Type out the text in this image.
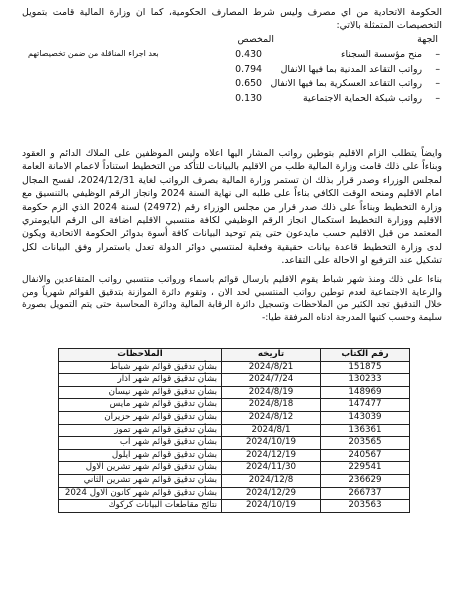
الحكومة الاتحادية من اي مصرف وليس شرط المصارف الحكومية، كما ان وزارة المالية قامت بتمويل التخصيصات المتمثلة بالاتي:
الجهة
المخصص
–
منح مؤسسة السجناء
0.430
بعد اجراء المناقلة من ضمن تخصيصاتهم
–
رواتب التقاعد المدنية بما فيها الانفال
0.794
–
رواتب التقاعد العسكرية بما فيها الانفال
0.650
–
رواتب شبكة الحماية الاجتماعية
0.130
وايضاً يتطلب الزام الاقليم بتوطين رواتب المشار اليها اعلاه وليس الموظفين على الملاك الدائم و العقود وبناءاً على ذلك قامت وزارة المالية طلب من الاقليم بالبيانات للتأكد من التخطيط استناداً لاعمام الامانة العامة لمجلس الوزراء وصدر قرار بذلك ان تستمر وزارة المالية بصرف الرواتب لغاية 2024/12/31، لفسح المجال امام الاقليم ومنحه الوقت الكافي بناءاً على طلبه الى نهاية السنة 2024 وانجاز الرقم الوظيفي بالتنسيق مع وزارة التخطيط وبناءاً على ذلك صدر قرار من مجلس الوزراء رقم (24972) لسنة 2024 الذي الزم حكومة الاقليم ووزارة التخطيط استكمال انجاز الرقم الوظيفي لكافة منتسبي الاقليم اضافة الى الرقم البايومتري المعتمد من قبل الاقليم حسب مايدعون حتى يتم توحيد البيانات كافة أسوة بدوائر الحكومة الاتحادية ويكون لدى وزارة التخطيط قاعدة بيانات حقيقية وفعلية لمنتسبي دوائر الدولة تعدل باستمرار وفق البيانات لكل تشكيل عند الترفيع او الاحالة على التقاعد.
بناءا على ذلك ومنذ شهر شباط يقوم الاقليم بارسال قوائم باسماء ورواتب منتسبي رواتب المتقاعدين والانفال والرعاية الاجتماعية لعدم توطين رواتب المنتسبي لحد الان ، وتقوم دائرة الموازنة بتدقيق القوائم شهرياً ومن خلال التدقيق تجد الكثير من الملاحظات وتسجيل دائرة الرقابة المالية ودائرة المحاسبة حتى يتم التمويل بصورة سليمة وحسب كتبها المدرجة ادناه المرفقة طيا:-
رقم الكتاب	تاريخه	الملاحظات
151875	2024/8/21	بشأن تدقيق قوائم شهر شباط
130233	2024/7/24	بشأن تدقيق قوائم شهر آذار
148969	2024/8/19	بشأن تدقيق قوائم شهر نيسان
147477	2024/8/18	بشأن تدقيق قوائم شهر مايس
143039	2024/8/12	بشأن تدقيق قوائم شهر حزيران
136361	2024/8/1	بشأن تدقيق قوائم شهر تموز
203565	2024/10/19	بشأن تدقيق قوائم شهر آب
240567	2024/12/19	بشأن تدقيق قوائم شهر ايلول
229541	2024/11/30	بشأن تدقيق قوائم شهر تشرين الاول
236629	2024/12/8	بشأن تدقيق قوائم شهر تشرين الثاني
266737	2024/12/29	بشأن تدقيق قوائم شهر كانون الاول 2024
203563	2024/10/19	نتائج مقاطعات البيانات كركوك
